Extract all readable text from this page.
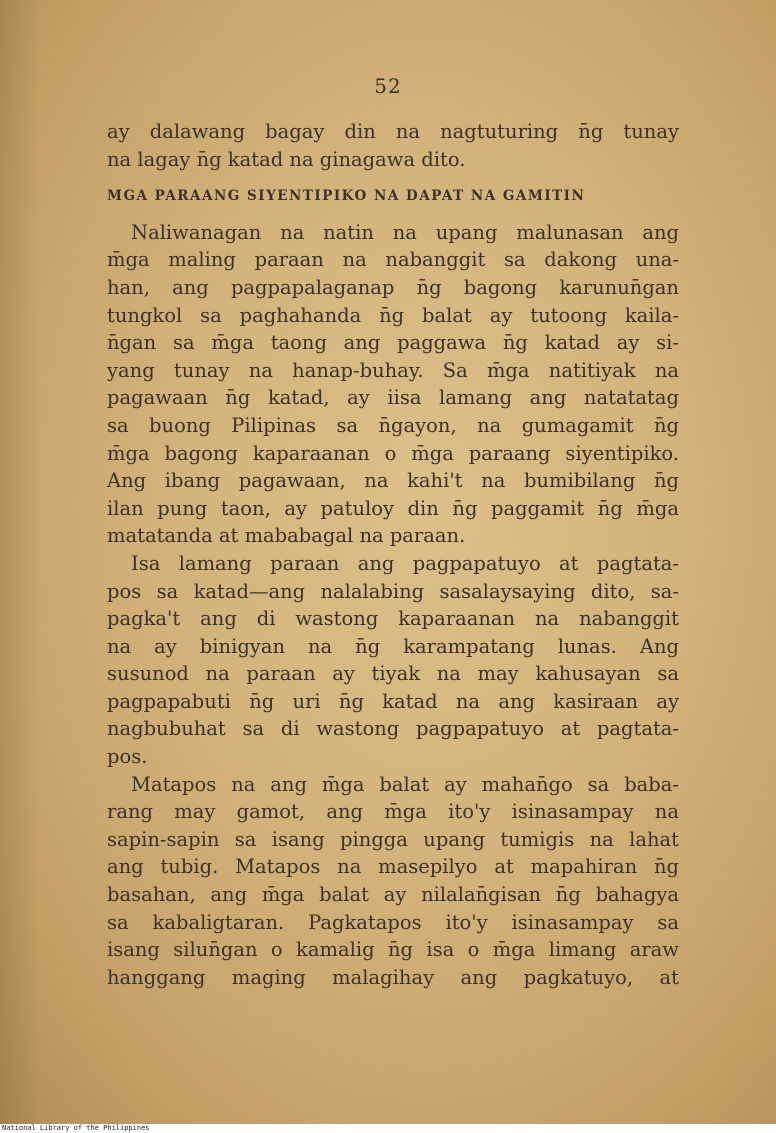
52

ay dalawang bagay din na nagtuturing n̄g tunay
na lagay n̄g katad na ginagawa dito.

MGA PARAANG SIYENTIPIKO NA DAPAT NA GAMITIN

Naliwanagan na natin na upang malunasan ang
m̄ga maling paraan na nabanggit sa dakong una-
han, ang pagpapalaganap n̄g bagong karunun̄gan
tungkol sa paghahanda n̄g balat ay tutoong kaila-
n̄gan sa m̄ga taong ang paggawa n̄g katad ay si-
yang tunay na hanap-buhay. Sa m̄ga natitiyak na
pagawaan n̄g katad, ay iisa lamang ang natatatag
sa buong Pilipinas sa n̄gayon, na gumagamit n̄g
m̄ga bagong kaparaanan o m̄ga paraang siyentipiko.
Ang ibang pagawaan, na kahi't na bumibilang n̄g
ilan pung taon, ay patuloy din n̄g paggamit n̄g m̄ga
matatanda at mababagal na paraan.

Isa lamang paraan ang pagpapatuyo at pagtata-
pos sa katad—ang nalalabing sasalaysaying dito, sa-
pagka't ang di wastong kaparaanan na nabanggit
na ay binigyan na n̄g karampatang lunas. Ang
susunod na paraan ay tiyak na may kahusayan sa
pagpapabuti n̄g uri n̄g katad na ang kasiraan ay
nagbubuhat sa di wastong pagpapatuyo at pagtata-
pos.

Matapos na ang m̄ga balat ay mahan̄go sa baba-
rang may gamot, ang m̄ga ito'y isinasampay na
sapin-sapin sa isang pingga upang tumigis na lahat
ang tubig. Matapos na masepilyo at mapahiran n̄g
basahan, ang m̄ga balat ay nilalan̄gisan n̄g bahagya
sa kabaligtaran. Pagkatapos ito'y isinasampay sa
isang silun̄gan o kamalig n̄g isa o m̄ga limang araw
hanggang maging malagihay ang pagkatuyo, at

National Library of the Philippines
